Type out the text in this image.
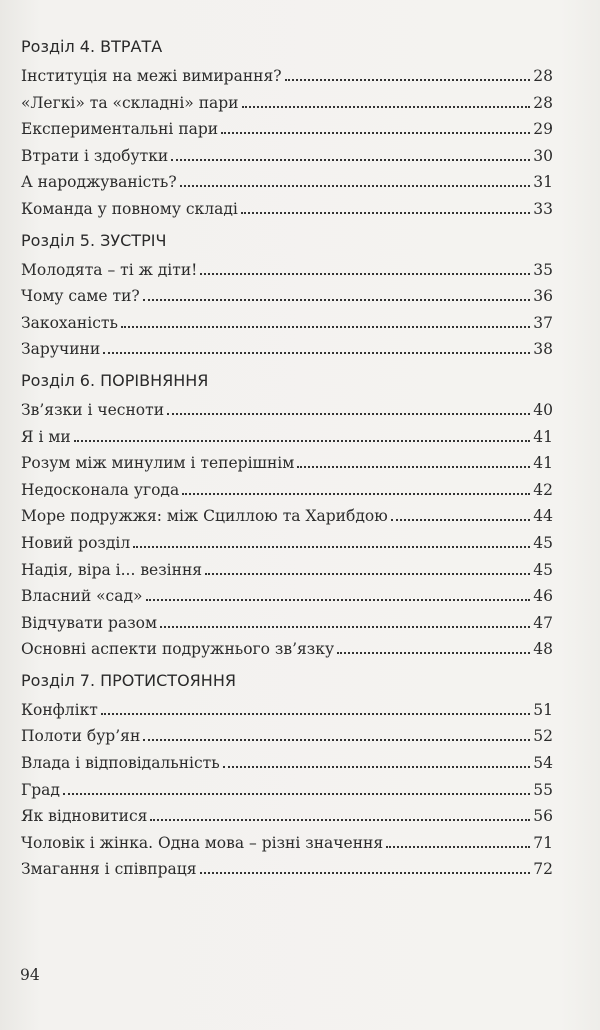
Розділ 4. ВТРАТА
Інституція на межі вимирання?	28
«Легкі» та «складні» пари	28
Експериментальні пари	29
Втрати і здобутки	30
А народжуваність?	31
Команда у повному складі	33
Розділ 5. ЗУСТРІЧ
Молодята – ті ж діти!	35
Чому саме ти?	36
Закоханість	37
Заручини	38
Розділ 6. ПОРІВНЯННЯ
Зв’язки і чесноти	40
Я і ми	41
Розум між минулим і теперішнім	41
Недосконала угода	42
Море подружжя: між Сциллою та Харибдою	44
Новий розділ	45
Надія, віра і... везіння	45
Власний «сад»	46
Відчувати разом	47
Основні аспекти подружнього зв’язку	48
Розділ 7. ПРОТИСТОЯННЯ
Конфлікт	51
Полоти бур’ян	52
Влада і відповідальність	54
Град	55
Як відновитися	56
Чоловік і жінка. Одна мова – різні значення	71
Змагання і співпраця	72
94
